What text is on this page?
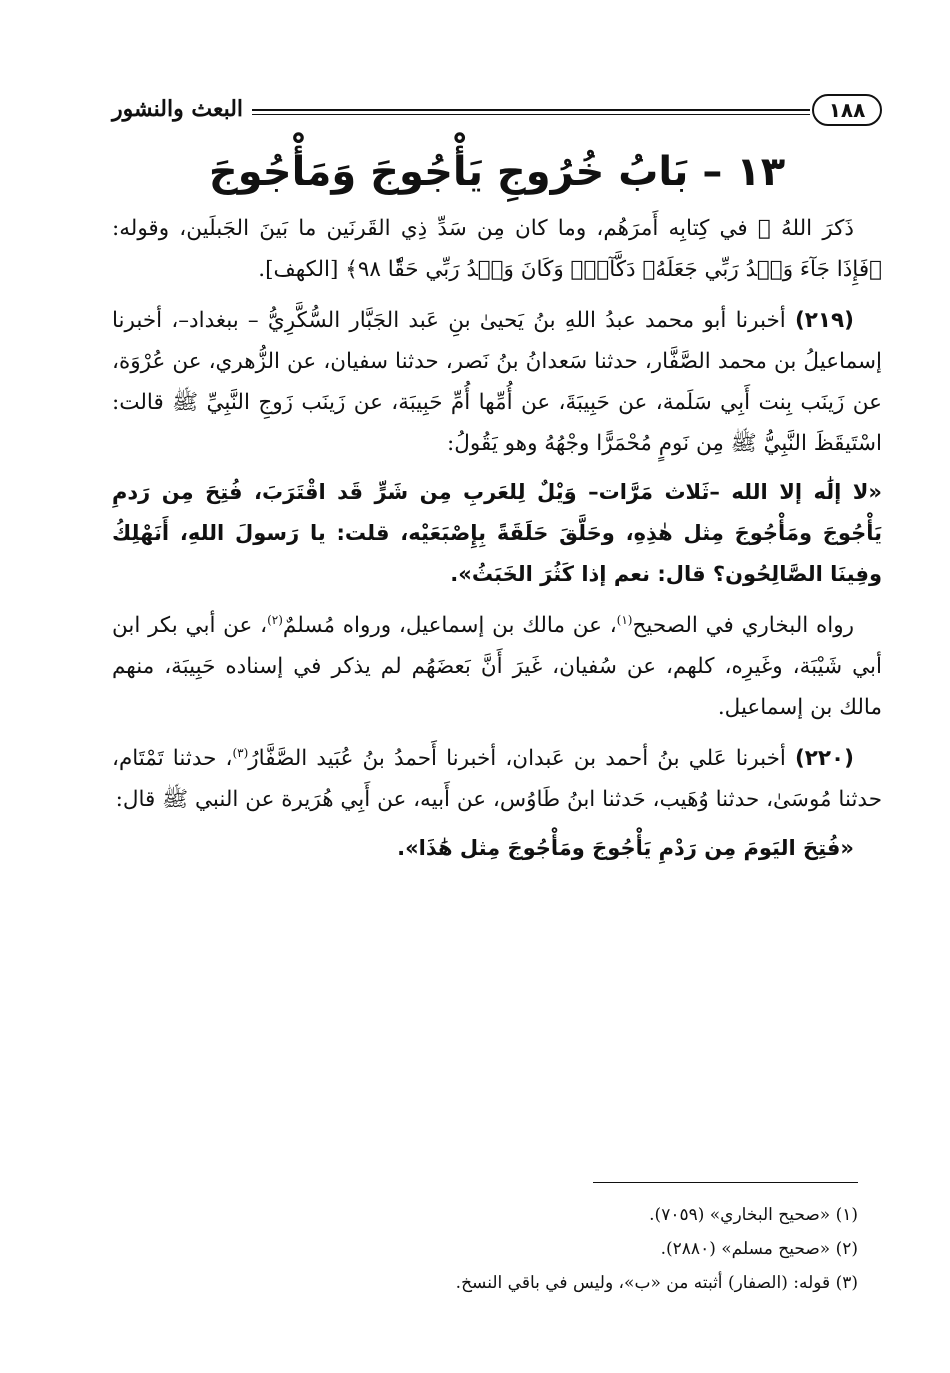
١٨٨
البعث والنشور
١٣ – بَابُ خُرُوجِ يَأْجُوجَ وَمَأْجُوجَ

ذَكرَ اللهُ ﷻ في كِتابِه أَمرَهُم، وما كان مِن سَدِّ ذِي القَرنَين ما بَينَ الجَبلَين، وقوله: ﴿فَإِذَا جَآءَ وَعۡدُ رَبِّي جَعَلَهُۥ دَكَّآءَۖ وَكَانَ وَعۡدُ رَبِّي حَقّٗا ٩٨﴾ [الكهف].

(٢١٩) أخبرنا أبو محمد عبدُ اللهِ بنُ يَحيىٰ بنِ عَبد الجَبَّار السُّكَّرِيُّ – ببغداد–، أخبرنا إسماعيلُ بن محمد الصَّفَّار، حدثنا سَعدانُ بنُ نَصر، حدثنا سفيان، عن الزُّهري، عن عُرْوَة، عن زَينَب بِنت أَبِي سَلَمة، عن حَبِيبَةَ، عن أُمِّها أُمِّ حَبِيبَة، عن زَينَب زَوجِ النَّبِيِّ ﷺ قالت: اسْتَيقَظَ النَّبِيُّ ﷺ مِن نَومٍ مُحْمَرًّا وجْهُهُ وهو يَقُولُ:

«لا إلَٰه إلا الله –ثَلاث مَرَّات– وَيْلٌ لِلعَربِ مِن شَرٍّ قَد اقْتَرَبَ، فُتِحَ مِن رَدمِ يَأْجُوجَ ومَأْجُوجَ مِثل هٰذِهِ، وحَلَّقَ حَلَقَةً بِإِصْبَعَيْه، قلت: يا رَسولَ اللهِ، أَنَهْلِكُ وفِينَا الصَّالِحُون؟ قال: نعم إذا كَثُرَ الخَبَثُ».

رواه البخاري في الصحيح$^{(١)}$، عن مالك بن إسماعيل، ورواه مُسلمٌ$^{(٢)}$، عن أبي بكر ابن أبي شَيْبَة، وغَيرِه، كلهم، عن سُفيان، غَيرَ أَنَّ بَعضَهُم لم يذكر في إسناده حَبِيبَة، منهم مالك بن إسماعيل.

(٢٢٠) أخبرنا عَلي بنُ أحمد بن عَبدان، أخبرنا أَحمدُ بنُ عُبَيد الصَّفَّارُ$^{(٣)}$، حدثنا تَمْتَام، حدثنا مُوسَىٰ، حدثنا وُهَيب، حَدثنا ابنُ طَاوُس، عن أَبيه، عن أَبِي هُرَيرة عن النبي ﷺ قال:

«فُتِحَ اليَومَ مِن رَدْمِ يَأْجُوجَ ومَأْجُوجَ مِثل هَٰذَا».

(١) «صحيح البخاري» (٧٠٥٩).

(٢) «صحيح مسلم» (٢٨٨٠).

(٣) قوله: (الصفار) أثبته من «ب»، وليس في باقي النسخ.
